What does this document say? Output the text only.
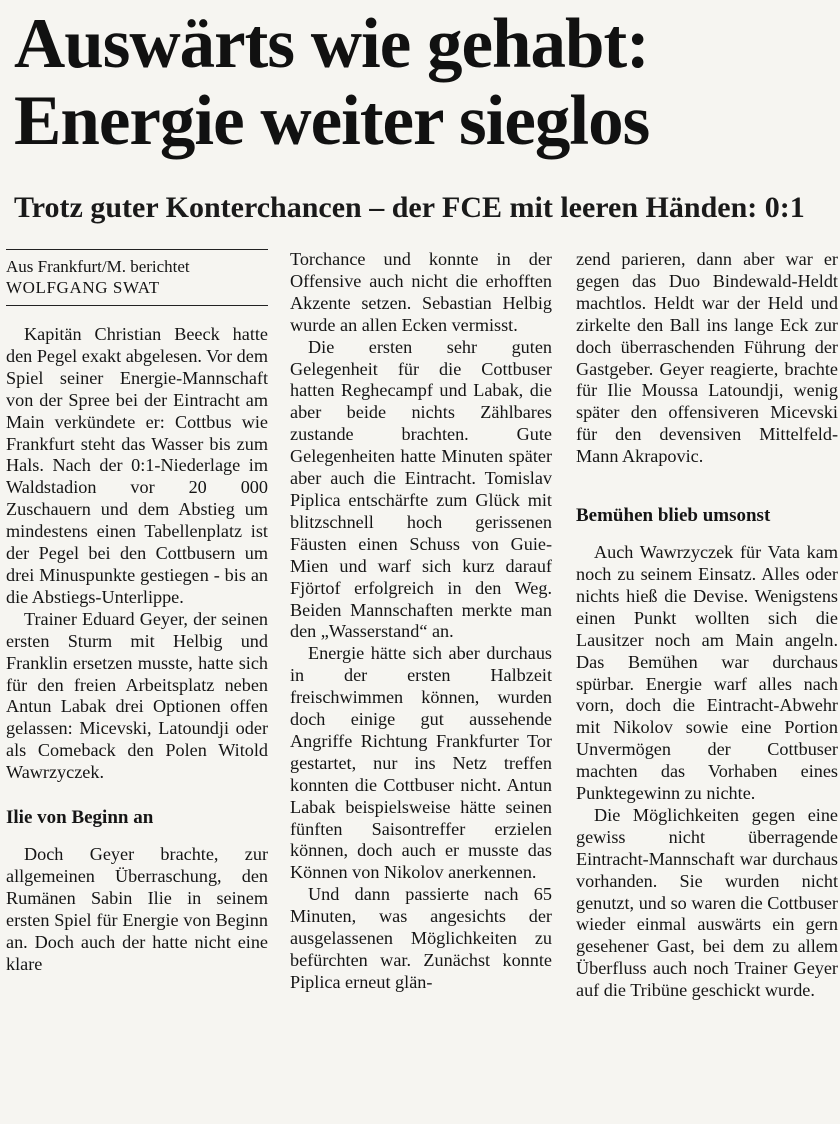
Auswärts wie gehabt:
Energie weiter sieglos
Trotz guter Konterchancen – der FCE mit leeren Händen: 0:1
Aus Frankfurt/M. berichtet
WOLFGANG SWAT

Kapitän Christian Beeck hatte den Pegel exakt abgelesen. Vor dem Spiel seiner Energie-Mannschaft von der Spree bei der Eintracht am Main verkündete er: Cottbus wie Frankfurt steht das Wasser bis zum Hals. Nach der 0:1-Niederlage im Waldstadion vor 20 000 Zuschauern und dem Abstieg um mindestens einen Tabellenplatz ist der Pegel bei den Cottbusern um drei Minuspunkte gestiegen - bis an die Abstiegs-Unterlippe.

Trainer Eduard Geyer, der seinen ersten Sturm mit Helbig und Franklin ersetzen musste, hatte sich für den freien Arbeitsplatz neben Antun Labak drei Optionen offen gelassen: Micevski, Latoundji oder als Comeback den Polen Witold Wawrzyczek.

Ilie von Beginn an

Doch Geyer brachte, zur allgemeinen Überraschung, den Rumänen Sabin Ilie in seinem ersten Spiel für Energie von Beginn an. Doch auch der hatte nicht eine klare

Torchance und konnte in der Offensive auch nicht die erhofften Akzente setzen. Sebastian Helbig wurde an allen Ecken vermisst.

Die ersten sehr guten Gelegenheit für die Cottbuser hatten Reghecampf und Labak, die aber beide nichts Zählbares zustande brachten. Gute Gelegenheiten hatte Minuten später aber auch die Eintracht. Tomislav Piplica entschärfte zum Glück mit blitzschnell hoch gerissenen Fäusten einen Schuss von Guie-Mien und warf sich kurz darauf Fjörtof erfolgreich in den Weg. Beiden Mannschaften merkte man den „Wasserstand“ an.

Energie hätte sich aber durchaus in der ersten Halbzeit freischwimmen können, wurden doch einige gut aussehende Angriffe Richtung Frankfurter Tor gestartet, nur ins Netz treffen konnten die Cottbuser nicht. Antun Labak beispielsweise hätte seinen fünften Saisontreffer erzielen können, doch auch er musste das Können von Nikolov anerkennen.

Und dann passierte nach 65 Minuten, was angesichts der ausgelassenen Möglichkeiten zu befürchten war. Zunächst konnte Piplica erneut glän-

zend parieren, dann aber war er gegen das Duo Bindewald-Heldt machtlos. Heldt war der Held und zirkelte den Ball ins lange Eck zur doch überraschenden Führung der Gastgeber. Geyer reagierte, brachte für Ilie Moussa Latoundji, wenig später den offensiveren Micevski für den devensiven Mittelfeld-Mann Akrapovic.

Bemühen blieb umsonst

Auch Wawrzyczek für Vata kam noch zu seinem Einsatz. Alles oder nichts hieß die Devise. Wenigstens einen Punkt wollten sich die Lausitzer noch am Main angeln. Das Bemühen war durchaus spürbar. Energie warf alles nach vorn, doch die Eintracht-Abwehr mit Nikolov sowie eine Portion Unvermögen der Cottbuser machten das Vorhaben eines Punktegewinn zu nichte.

Die Möglichkeiten gegen eine gewiss nicht überragende Eintracht-Mannschaft war durchaus vorhanden. Sie wurden nicht genutzt, und so waren die Cottbuser wieder einmal auswärts ein gern gesehener Gast, bei dem zu allem Überfluss auch noch Trainer Geyer auf die Tribüne geschickt wurde.
